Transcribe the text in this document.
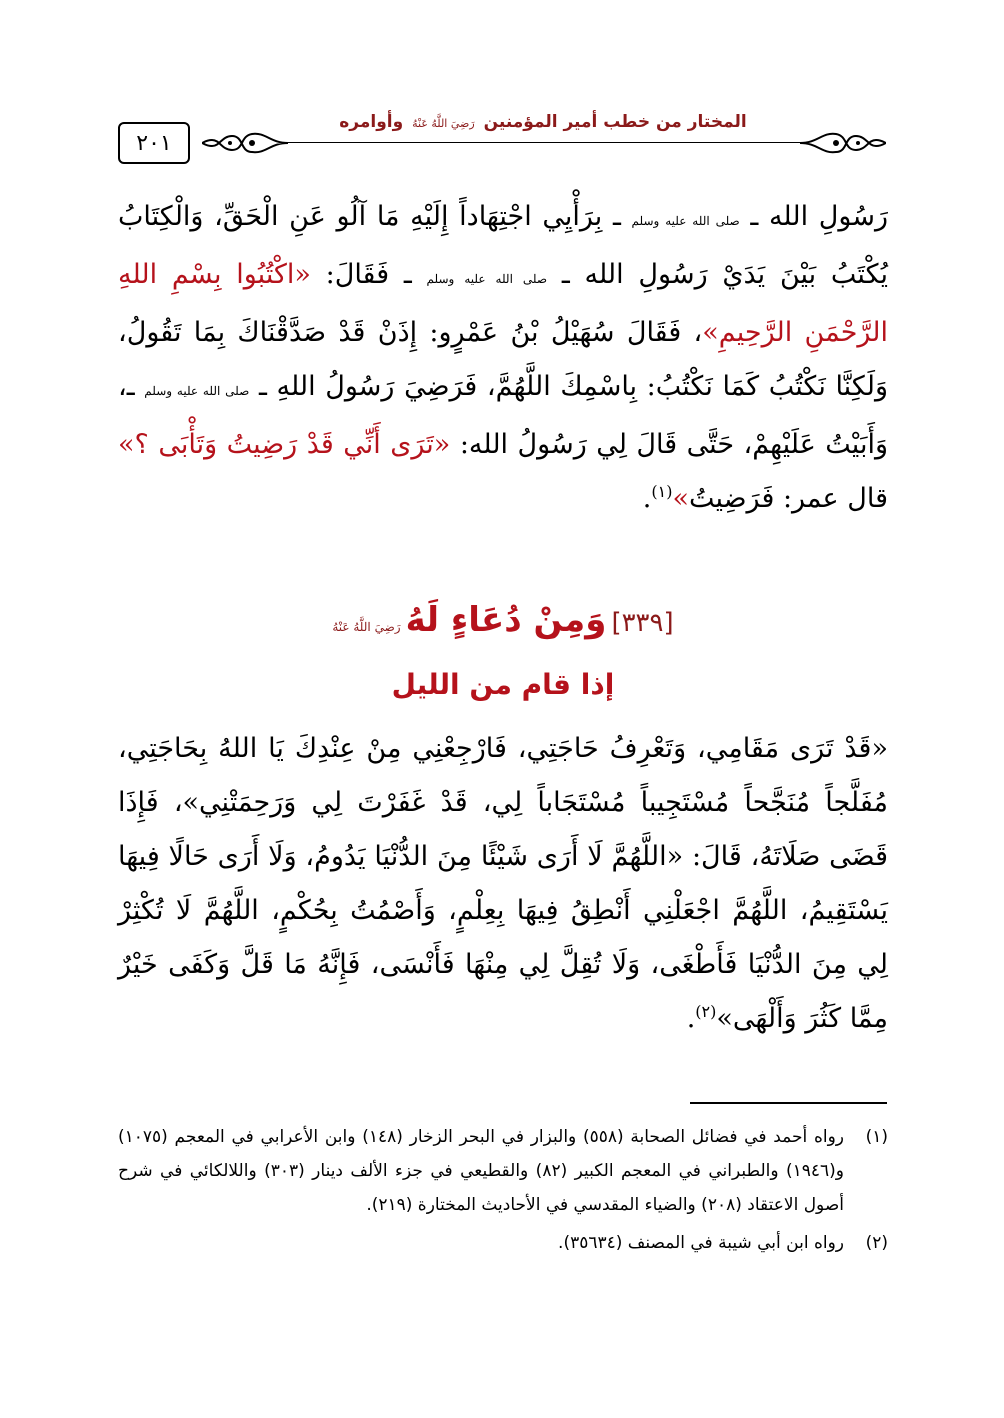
٢٠١
المختار من خطب أمير المؤمنين رَضِيَ اللَّهُ عَنْهُ وأوامره

رَسُولِ الله ـ صلى الله عليه وسلم ـ بِرَأْيِي اجْتِهَاداً إِلَيْهِ مَا آلُو عَنِ الْحَقِّ، وَالْكِتَابُ يُكْتَبُ بَيْنَ يَدَيْ رَسُولِ الله ـ صلى الله عليه وسلم ـ فَقَالَ: «اكْتُبُوا بِسْمِ اللهِ الرَّحْمَنِ الرَّحِيمِ»، فَقَالَ سُهَيْلُ بْنُ عَمْرٍو: إِذَنْ قَدْ صَدَّقْنَاكَ بِمَا تَقُولُ، وَلَكِنَّا نَكْتُبُ كَمَا نَكْتُبُ: بِاسْمِكَ اللَّهُمَّ، فَرَضِيَ رَسُولُ اللهِ ـ صلى الله عليه وسلم ـ، وَأَبَيْتُ عَلَيْهِمْ، حَتَّى قَالَ لِي رَسُولُ الله: «تَرَى أَنِّي قَدْ رَضِيتُ وَتَأْبَى ؟» قال عمر: فَرَضِيتُ»$^{(١)}$.

[٣٣٩] وَمِنْ دُعَاءٍ لَهُ رَضِيَ اللَّهُ عَنْهُ
إذا قام من الليل

«قَدْ تَرَى مَقَامِي، وَتَعْرِفُ حَاجَتِي، فَارْجِعْنِي مِنْ عِنْدِكَ يَا اللهُ بِحَاجَتِي، مُفَلَّجاً مُنَجَّحاً مُسْتَجِيباً مُسْتَجَاباً لِي، قَدْ غَفَرْتَ لِي وَرَحِمَتْنِي»، فَإِذَا قَضَى صَلَاتَهُ، قَالَ: «اللَّهُمَّ لَا أَرَى شَيْئًا مِنَ الدُّنْيَا يَدُومُ، وَلَا أَرَى حَالًا فِيهَا يَسْتَقِيمُ، اللَّهُمَّ اجْعَلْنِي أَنْطِقُ فِيهَا بِعِلْمٍ، وَأَصْمُتُ بِحُكْمٍ، اللَّهُمَّ لَا تُكْثِرْ لِي مِنَ الدُّنْيَا فَأَطْغَى، وَلَا تُقِلَّ لِي مِنْهَا فَأَنْسَى، فَإِنَّهُ مَا قَلَّ وَكَفَى خَيْرٌ مِمَّا كَثُرَ وَأَلْهَى»$^{(٢)}$.

(١)
رواه أحمد في فضائل الصحابة (٥٥٨) والبزار في البحر الزخار (١٤٨) وابن الأعرابي في المعجم (١٠٧٥) و(١٩٤٦) والطبراني في المعجم الكبير (٨٢) والقطيعي في جزء الألف دينار (٣٠٣) واللالكائي في شرح أصول الاعتقاد (٢٠٨) والضياء المقدسي في الأحاديث المختارة (٢١٩).
(٢)
رواه ابن أبي شيبة في المصنف (٣٥٦٣٤).
